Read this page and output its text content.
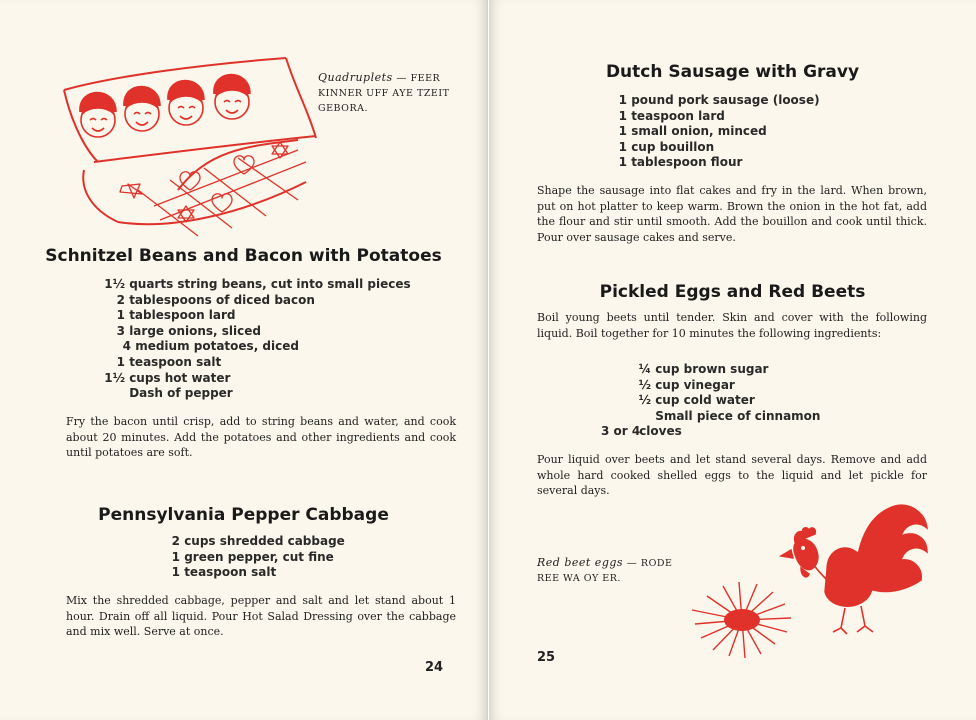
Quadruplets — FEER
KINNER UFF AYE TZEIT
GEBORA.
Schnitzel Beans and Bacon with Potatoes
1½ quarts string beans, cut into small pieces
2 tablespoons of diced bacon
1 tablespoon lard
3 large onions, sliced
4 medium potatoes, diced
1 teaspoon salt
1½ cups hot water
Dash of pepper

Fry the bacon until crisp, add to string beans and water, and cook about 20 minutes. Add the potatoes and other ingredients and cook until potatoes are soft.

Pennsylvania Pepper Cabbage
2 cups shredded cabbage
1 green pepper, cut fine
1 teaspoon salt

Mix the shredded cabbage, pepper and salt and let stand about 1 hour. Drain off all liquid. Pour Hot Salad Dressing over the cabbage and mix well. Serve at once.

24
Dutch Sausage with Gravy
1 pound pork sausage (loose)
1 teaspoon lard
1 small onion, minced
1 cup bouillon
1 tablespoon flour

Shape the sausage into flat cakes and fry in the lard. When brown, put on hot platter to keep warm. Brown the onion in the hot fat, add the flour and stir until smooth. Add the bouillon and cook until thick. Pour over sausage cakes and serve.

Pickled Eggs and Red Beets

Boil young beets until tender. Skin and cover with the following liquid. Boil together for 10 minutes the following ingredients:

¼ cup brown sugar
½ cup vinegar
½ cup cold water
Small piece of cinnamon
3 or 4 cloves

Pour liquid over beets and let stand several days. Remove and add whole hard cooked shelled eggs to the liquid and let pickle for several days.

Red beet eggs — RODE
REE WA OY ER.
25
